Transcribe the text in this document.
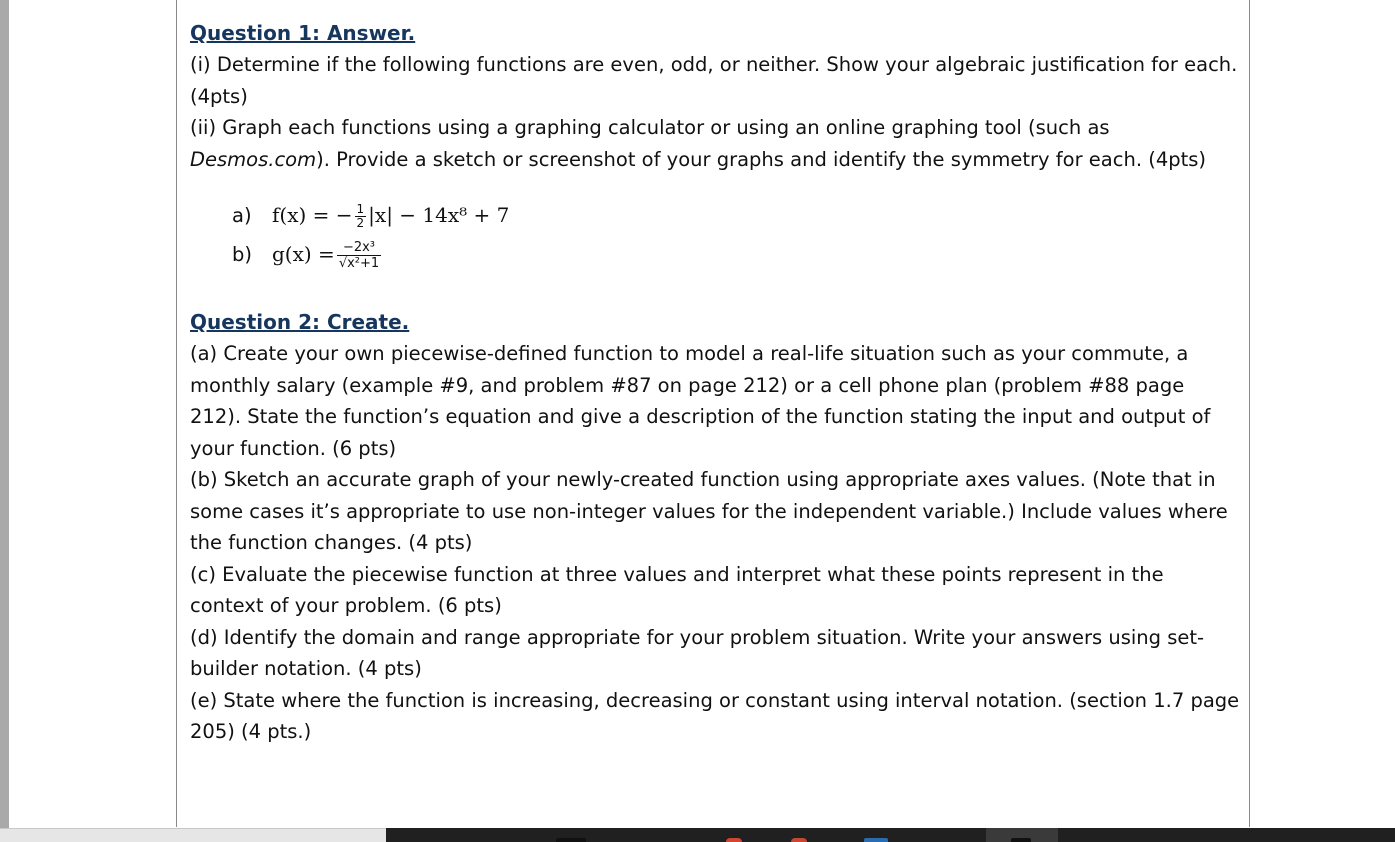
Question 1: Answer.

(i) Determine if the following functions are even, odd, or neither. Show your algebraic justification for each. (4pts)

(ii) Graph each functions using a graphing calculator or using an online graphing tool (such as Desmos.com). Provide a sketch or screenshot of your graphs and identify the symmetry for each. (4pts)

a)	f(x) = − $\frac{1}{2} |x| - 14x^8 + 7$
b)	$g(x) = \frac{\text{−2x³}}{\text{√x²+1}}$

Question 2: Create.

(a) Create your own piecewise-defined function to model a real-life situation such as your commute, a monthly salary (example #9, and problem #87 on page 212) or a cell phone plan (problem #88 page 212). State the function’s equation and give a description of the function stating the input and output of your function. (6 pts)

(b) Sketch an accurate graph of your newly-created function using appropriate axes values. (Note that in some cases it’s appropriate to use non-integer values for the independent variable.) Include values where the function changes. (4 pts)

(c) Evaluate the piecewise function at three values and interpret what these points represent in the context of your problem. (6 pts)

(d) Identify the domain and range appropriate for your problem situation. Write your answers using set-builder notation. (4 pts)

(e) State where the function is increasing, decreasing or constant using interval notation. (section 1.7 page 205) (4 pts.)
